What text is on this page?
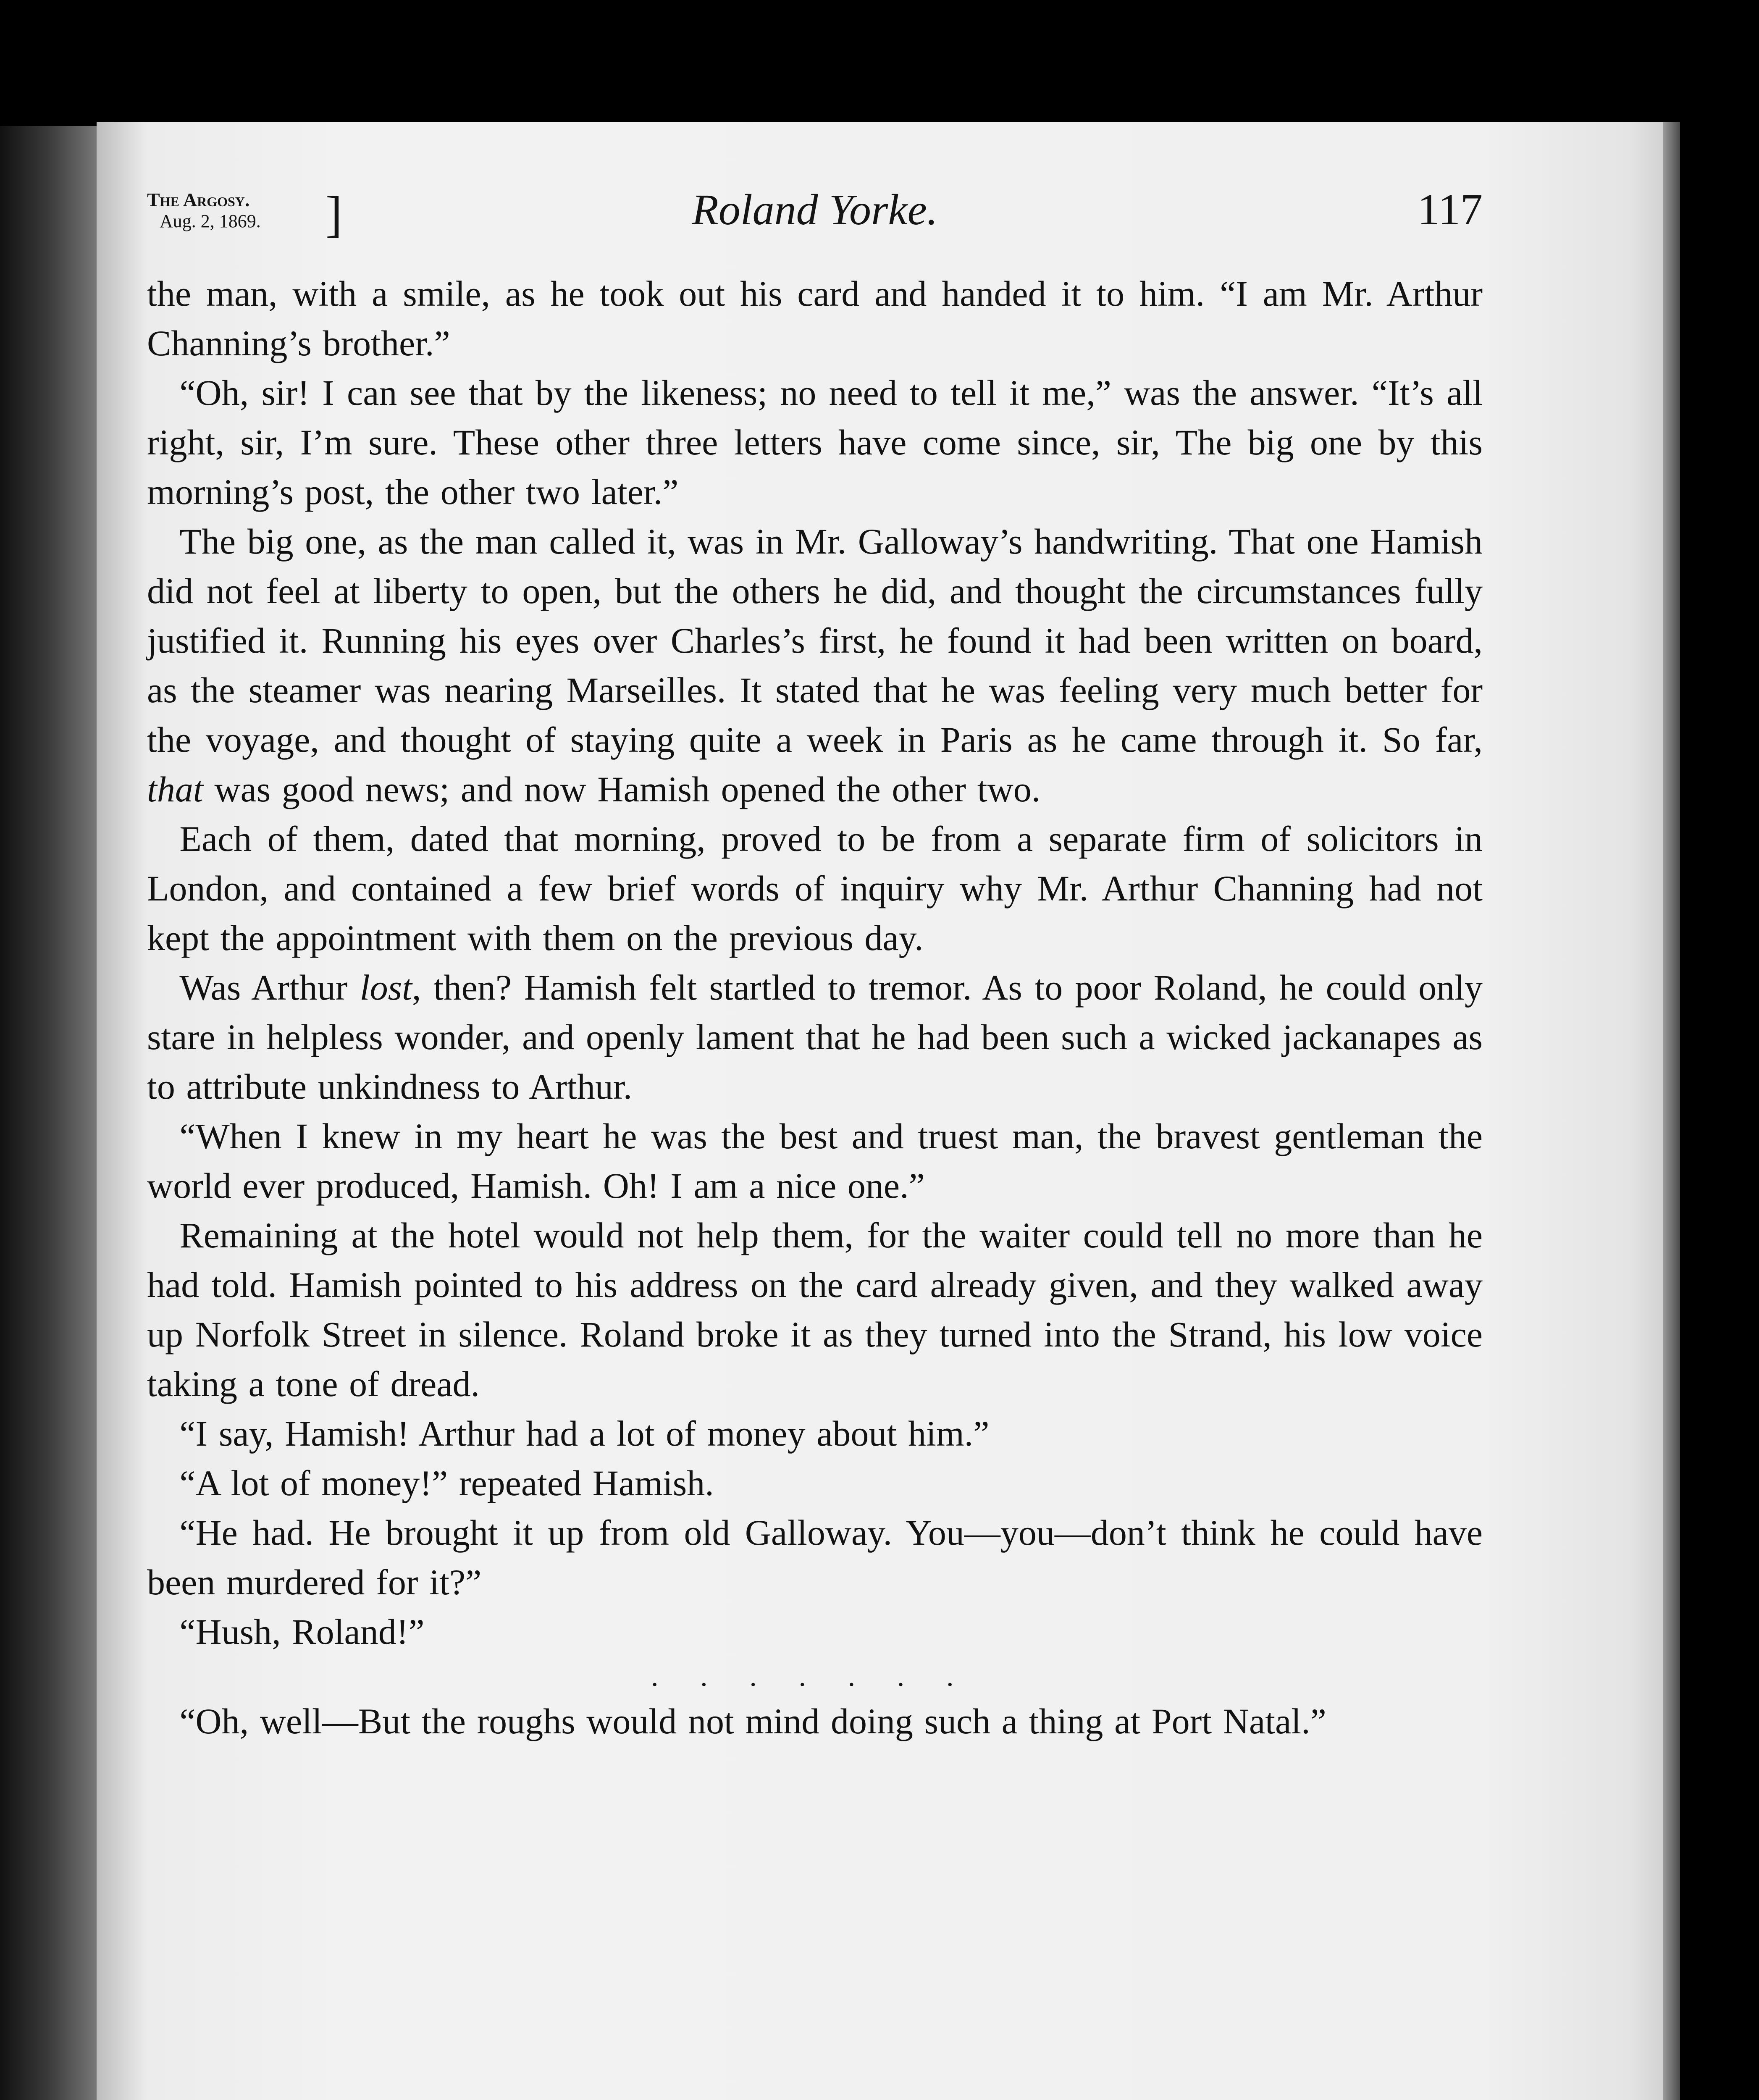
The Argosy.
Aug. 2, 1869. ]	Roland Yorke.	117

the man, with a smile, as he took out his card and handed it to him. “I am Mr. Arthur Channing’s brother.”

“Oh, sir! I can see that by the likeness; no need to tell it me,” was the answer. “It’s all right, sir, I’m sure. These other three letters have come since, sir, The big one by this morning’s post, the other two later.”

The big one, as the man called it, was in Mr. Galloway’s handwriting. That one Hamish did not feel at liberty to open, but the others he did, and thought the circumstances fully justified it. Running his eyes over Charles’s first, he found it had been written on board, as the steamer was nearing Marseilles. It stated that he was feeling very much better for the voyage, and thought of staying quite a week in Paris as he came through it. So far, that was good news; and now Hamish opened the other two.

Each of them, dated that morning, proved to be from a separate firm of solicitors in London, and contained a few brief words of inquiry why Mr. Arthur Channing had not kept the appointment with them on the previous day.

Was Arthur lost, then? Hamish felt startled to tremor. As to poor Roland, he could only stare in helpless wonder, and openly lament that he had been such a wicked jackanapes as to attribute unkindness to Arthur.

“When I knew in my heart he was the best and truest man, the bravest gentleman the world ever produced, Hamish. Oh! I am a nice one.”

Remaining at the hotel would not help them, for the waiter could tell no more than he had told. Hamish pointed to his address on the card already given, and they walked away up Norfolk Street in silence. Roland broke it as they turned into the Strand, his low voice taking a tone of dread.

“I say, Hamish! Arthur had a lot of money about him.”

“A lot of money!” repeated Hamish.

“He had. He brought it up from old Galloway. You—you—don’t think he could have been murdered for it?”

“Hush, Roland!”

. . . . . . .

“Oh, well—But the roughs would not mind doing such a thing at Port Natal.”
